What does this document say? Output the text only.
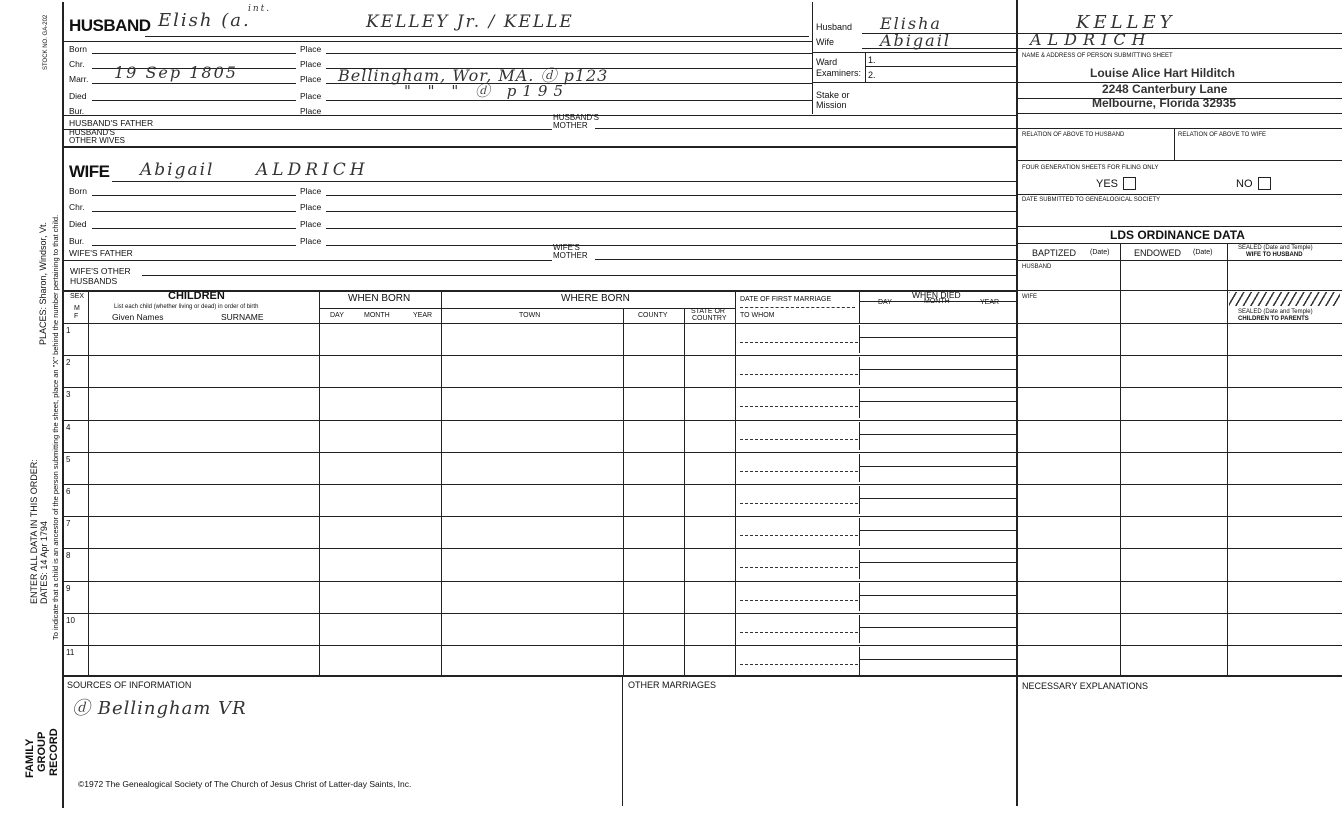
STOCK NO. GA-202
PLACES: Sharon, Windsor, Vt.
ENTER ALL DATA IN THIS ORDER: DATES: 14 Apr 1794 To indicate that a child is an ancestor of the person submitting the sheet, place an "X" behind the number pertaining to that child.
FAMILY GROUP RECORD
HUSBAND Elish (a.
int.
KELLEY Jr. / KELLE
Born	Place
Chr.	Place
Marr. 19 Sep 1805	Place Bellingham, Wor, MA. ⓓ p123
Died	Place	" " " ⓓ p195
Bur.	Place
HUSBAND'S FATHER
HUSBAND'S
MOTHER
HUSBAND'S
OTHER WIVES
WIFE Abigail ALDRICH
Born	Place
Chr.	Place
Died	Place
Bur.	Place
WIFE'S FATHER
WIFE'S
MOTHER
WIFE'S OTHER
HUSBANDS
SEX
M
F
CHILDREN
List each child (whether living or dead) in order of birth
Given Names	SURNAME
WHEN BORN
DAY	MONTH	YEAR
WHERE BORN
TOWN	COUNTY
STATE OR
COUNTRY
DATE OF FIRST MARRIAGE
TO WHOM
WHEN DIED
DAY	MONTH	YEAR
1
2
3
4
5
6
7
8
9
10
11
Husband Elisha	KELLEY
Wife	Abigail	ALDRICH
Ward
Examiners:
1.
2.
Stake or
Mission
NAME & ADDRESS OF PERSON SUBMITTING SHEET
Louise Alice Hart Hilditch
2248 Canterbury Lane
Melbourne, Florida 32935
RELATION OF ABOVE TO HUSBAND	RELATION OF ABOVE TO WIFE
FOUR GENERATION SHEETS FOR FILING ONLY
YES	NO
DATE SUBMITTED TO GENEALOGICAL SOCIETY
LDS ORDINANCE DATA
BAPTIZED (Date)	ENDOWED (Date)
SEALED (Date and Temple)
WIFE TO HUSBAND
HUSBAND
WIFE
SEALED (Date and Temple)
CHILDREN TO PARENTS
SOURCES OF INFORMATION
ⓓ Bellingham VR
OTHER MARRIAGES	NECESSARY EXPLANATIONS
©1972 The Genealogical Society of The Church of Jesus Christ of Latter-day Saints, Inc.
